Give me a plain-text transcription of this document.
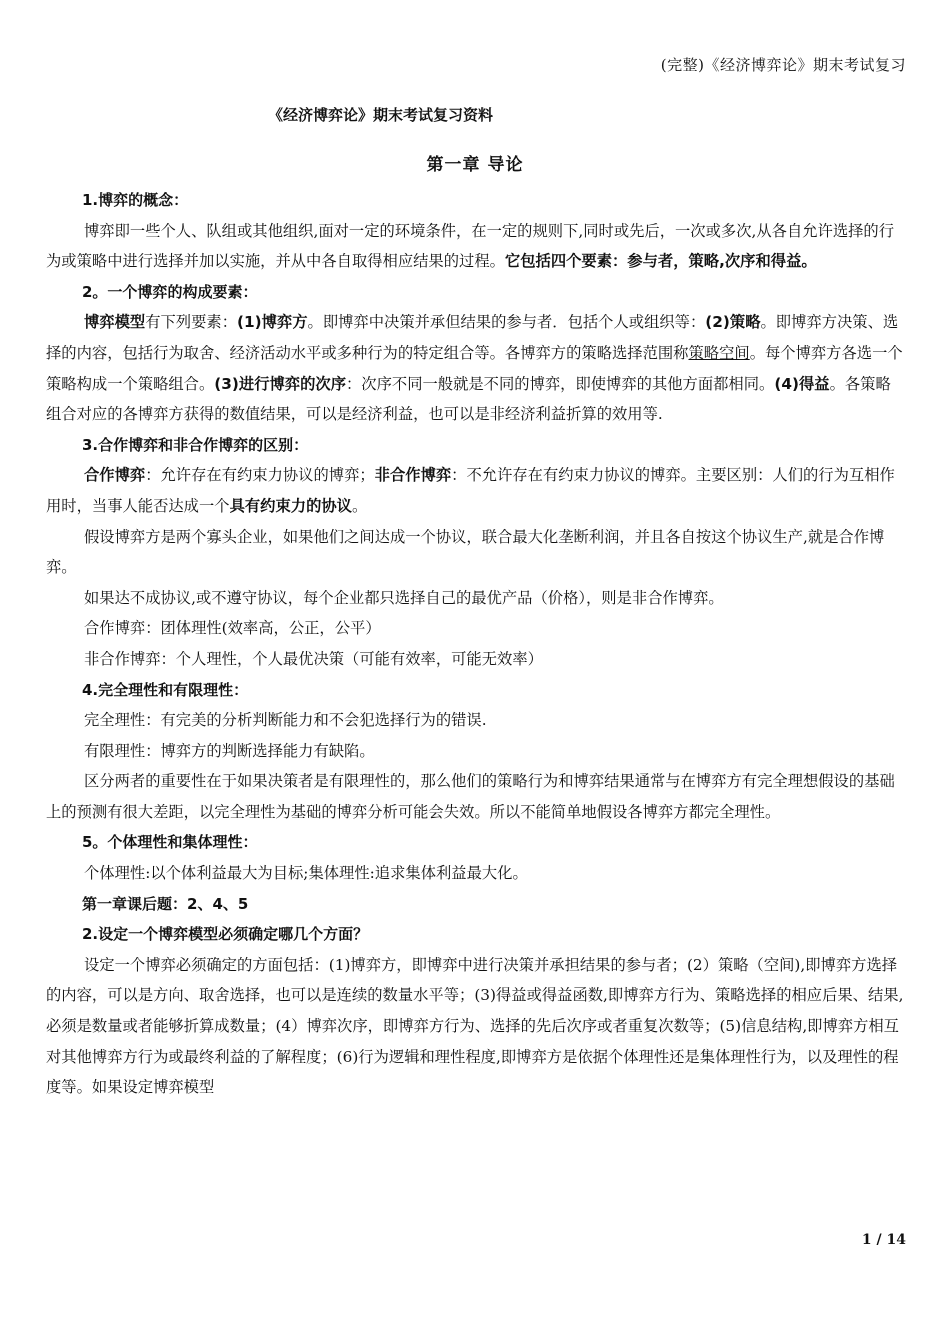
(完整)《经济博弈论》期末考试复习
《经济博弈论》期末考试复习资料
第一章 导论

1.博弈的概念：

博弈即一些个人、队组或其他组织,面对一定的环境条件，在一定的规则下,同时或先后，一次或多次,从各自允许选择的行为或策略中进行选择并加以实施，并从中各自取得相应结果的过程。它包括四个要素：参与者，策略,次序和得益。

2。一个博弈的构成要素：

博弈模型有下列要素：(1)博弈方。即博弈中决策并承但结果的参与者．包括个人或组织等：(2)策略。即博弈方决策、选择的内容，包括行为取舍、经济活动水平或多种行为的特定组合等。各博弈方的策略选择范围称策略空间。每个博弈方各选一个策略构成一个策略组合。(3)进行博弈的次序：次序不同一般就是不同的博弈，即使博弈的其他方面都相同。(4)得益。各策略组合对应的各博弈方获得的数值结果，可以是经济利益，也可以是非经济利益折算的效用等.

3.合作博弈和非合作博弈的区别：

合作博弈：允许存在有约束力协议的博弈；非合作博弈：不允许存在有约束力协议的博弈。主要区别：人们的行为互相作用时，当事人能否达成一个具有约束力的协议。

假设博弈方是两个寡头企业，如果他们之间达成一个协议，联合最大化垄断利润，并且各自按这个协议生产,就是合作博弈。

如果达不成协议,或不遵守协议，每个企业都只选择自己的最优产品（价格），则是非合作博弈。

合作博弈：团体理性(效率高，公正，公平）

非合作博弈：个人理性，个人最优决策（可能有效率，可能无效率）

4.完全理性和有限理性：

完全理性：有完美的分析判断能力和不会犯选择行为的错误.

有限理性：博弈方的判断选择能力有缺陷。

区分两者的重要性在于如果决策者是有限理性的，那么他们的策略行为和博弈结果通常与在博弈方有完全理想假设的基础上的预测有很大差距，以完全理性为基础的博弈分析可能会失效。所以不能简单地假设各博弈方都完全理性。

5。个体理性和集体理性：

个体理性:以个体利益最大为目标;集体理性:追求集体利益最大化。

第一章课后题：2、4、5

2.设定一个博弈模型必须确定哪几个方面？

设定一个博弈必须确定的方面包括：(1)博弈方，即博弈中进行决策并承担结果的参与者；(2）策略（空间),即博弈方选择的内容，可以是方向、取舍选择，也可以是连续的数量水平等；(3)得益或得益函数,即博弈方行为、策略选择的相应后果、结果,必须是数量或者能够折算成数量；(4）博弈次序，即博弈方行为、选择的先后次序或者重复次数等；(5)信息结构,即博弈方相互对其他博弈方行为或最终利益的了解程度；(6)行为逻辑和理性程度,即博弈方是依据个体理性还是集体理性行为，以及理性的程度等。如果设定博弈模型

1 / 14
